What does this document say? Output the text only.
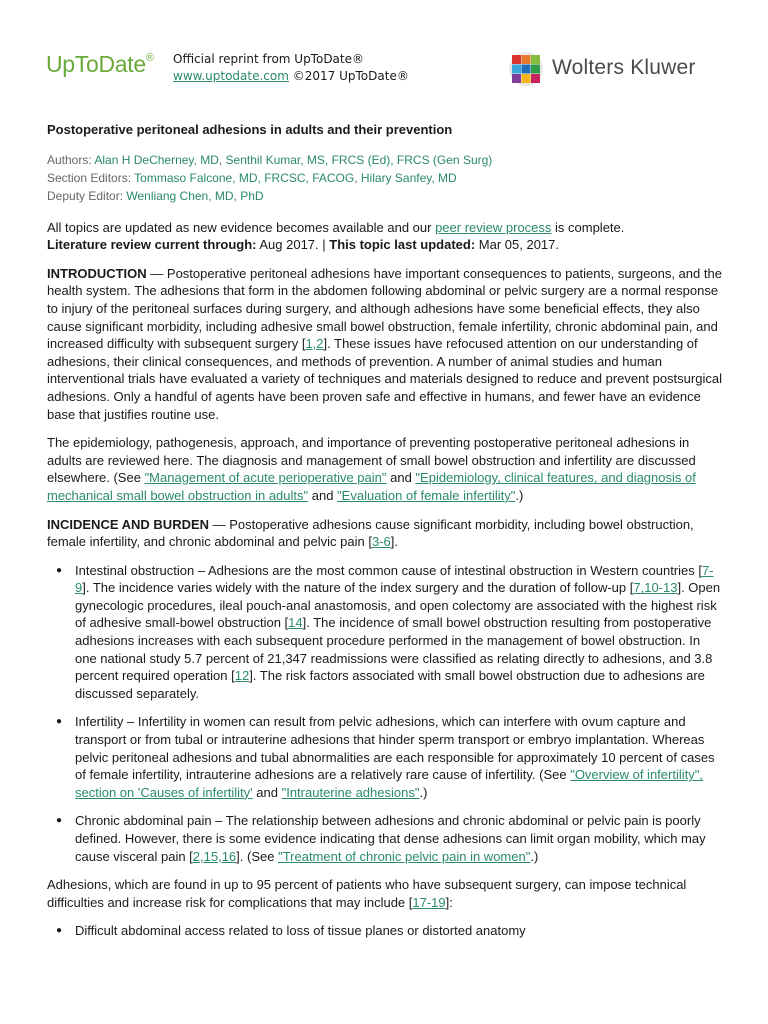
UpToDate® Official reprint from UpToDate®
www.uptodate.com ©2017 UpToDate®	Wolters Kluwer
Postoperative peritoneal adhesions in adults and their prevention
Authors: Alan H DeCherney, MD, Senthil Kumar, MS, FRCS (Ed), FRCS (Gen Surg)
Section Editors: Tommaso Falcone, MD, FRCSC, FACOG, Hilary Sanfey, MD
Deputy Editor: Wenliang Chen, MD, PhD

All topics are updated as new evidence becomes available and our peer review process is complete.
Literature review current through: Aug 2017. | This topic last updated: Mar 05, 2017.

INTRODUCTION — Postoperative peritoneal adhesions have important consequences to patients, surgeons, and the health system. The adhesions that form in the abdomen following abdominal or pelvic surgery are a normal response to injury of the peritoneal surfaces during surgery, and although adhesions have some beneficial effects, they also cause significant morbidity, including adhesive small bowel obstruction, female infertility, chronic abdominal pain, and increased difficulty with subsequent surgery [1,2]. These issues have refocused attention on our understanding of adhesions, their clinical consequences, and methods of prevention. A number of animal studies and human interventional trials have evaluated a variety of techniques and materials designed to reduce and prevent postsurgical adhesions. Only a handful of agents have been proven safe and effective in humans, and fewer have an evidence base that justifies routine use.

The epidemiology, pathogenesis, approach, and importance of preventing postoperative peritoneal adhesions in adults are reviewed here. The diagnosis and management of small bowel obstruction and infertility are discussed elsewhere. (See "Management of acute perioperative pain" and "Epidemiology, clinical features, and diagnosis of mechanical small bowel obstruction in adults" and "Evaluation of female infertility".)

INCIDENCE AND BURDEN — Postoperative adhesions cause significant morbidity, including bowel obstruction, female infertility, and chronic abdominal and pelvic pain [3-6].

● Intestinal obstruction – Adhesions are the most common cause of intestinal obstruction in Western countries [7-9]. The incidence varies widely with the nature of the index surgery and the duration of follow-up [7,10-13]. Open gynecologic procedures, ileal pouch-anal anastomosis, and open colectomy are associated with the highest risk of adhesive small-bowel obstruction [14]. The incidence of small bowel obstruction resulting from postoperative adhesions increases with each subsequent procedure performed in the management of bowel obstruction. In one national study 5.7 percent of 21,347 readmissions were classified as relating directly to adhesions, and 3.8 percent required operation [12]. The risk factors associated with small bowel obstruction due to adhesions are discussed separately.
● Infertility – Infertility in women can result from pelvic adhesions, which can interfere with ovum capture and transport or from tubal or intrauterine adhesions that hinder sperm transport or embryo implantation. Whereas pelvic peritoneal adhesions and tubal abnormalities are each responsible for approximately 10 percent of cases of female infertility, intrauterine adhesions are a relatively rare cause of infertility. (See "Overview of infertility", section on 'Causes of infertility' and "Intrauterine adhesions".)
● Chronic abdominal pain – The relationship between adhesions and chronic abdominal or pelvic pain is poorly defined. However, there is some evidence indicating that dense adhesions can limit organ mobility, which may cause visceral pain [2,15,16]. (See "Treatment of chronic pelvic pain in women".)

Adhesions, which are found in up to 95 percent of patients who have subsequent surgery, can impose technical difficulties and increase risk for complications that may include [17-19]:

● Difficult abdominal access related to loss of tissue planes or distorted anatomy
